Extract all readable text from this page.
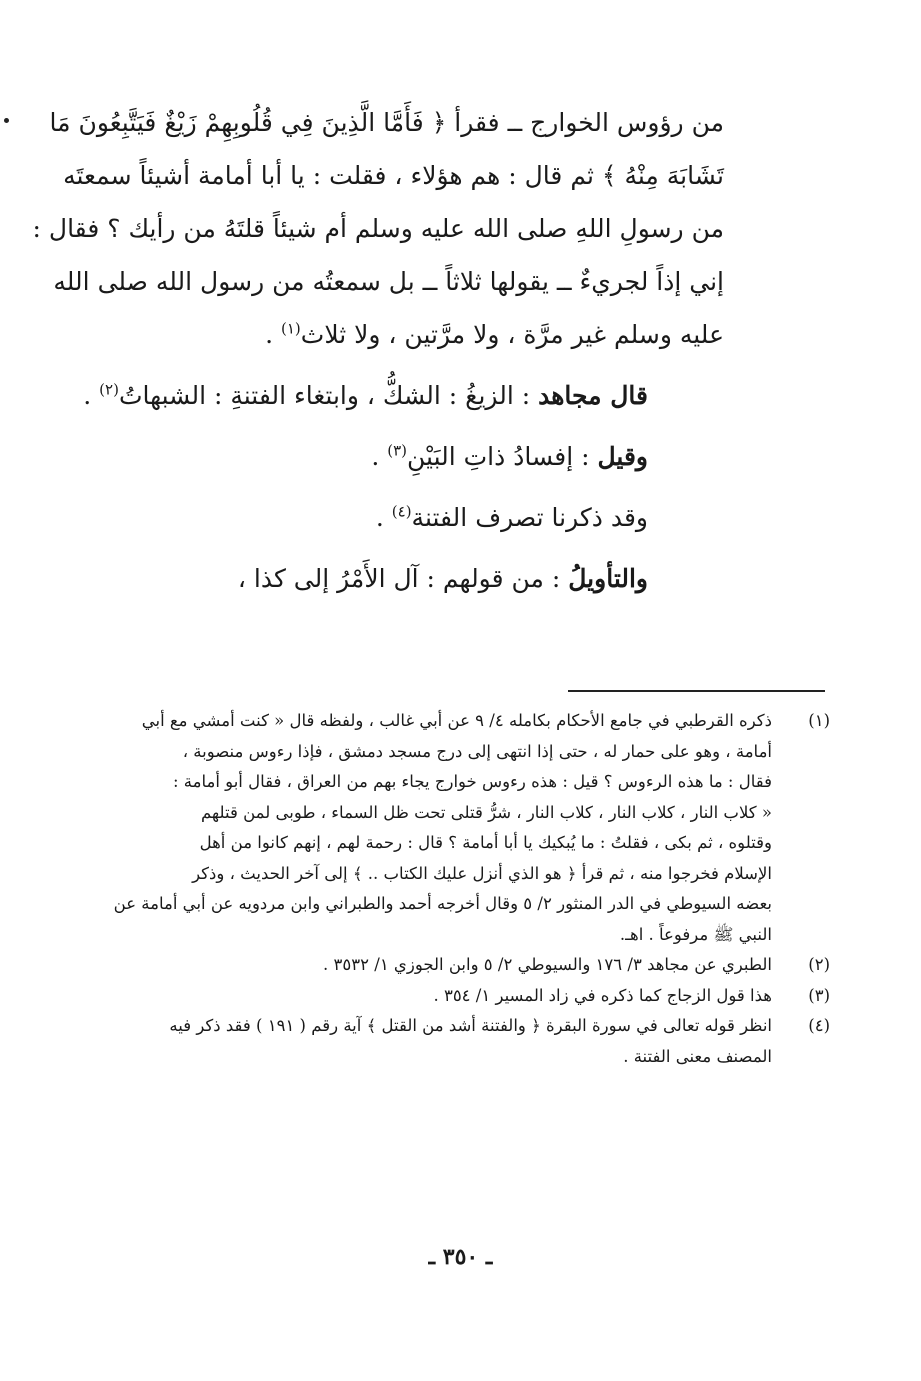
من رؤوس الخوارج ــ فقرأ ﴿ فَأَمَّا الَّذِينَ فِي قُلُوبِهِمْ زَيْغٌ فَيَتَّبِعُونَ مَا
تَشَابَهَ مِنْهُ ﴾ ثم قال : هم هؤلاء ، فقلت : يا أبا أمامة أشيئاً سمعتَه
من رسولِ اللهِ صلى الله عليه وسلم أم شيئاً قلتَهُ من رأيك ؟ فقال :
إني إذاً لجريءٌ ــ يقولها ثلاثاً ــ بل سمعتُه من رسول الله صلى الله
عليه وسلم غير مرَّة ، ولا مرَّتين ، ولا ثلاث$^{(١)}$ .
قال مجاهد : الزيغُ : الشكُّ ، وابتغاء الفتنةِ : الشبهاتُ$^{(٢)}$ .
وقيل : إفسادُ ذاتِ البَيْنِ$^{(٣)}$ .
وقد ذكرنا تصرف الفتنة$^{(٤)}$ .
والتأويلُ : من قولهم : آل الأَمْرُ إلى كذا ،
(١)
ذكره القرطبي في جامع الأحكام بكامله ٤/ ٩ عن أبي غالب ، ولفظه قال « كنت أمشي مع أبي
أمامة ، وهو على حمار له ، حتى إذا انتهى إلى درج مسجد دمشق ، فإذا رءوس منصوبة ،
فقال : ما هذه الرءوس ؟ قيل : هذه رءوس خوارج يجاء بهم من العراق ، فقال أبو أمامة :
« كلاب النار ، كلاب النار ، كلاب النار ، شرُّ قتلى تحت ظل السماء ، طوبى لمن قتلهم
وقتلوه ، ثم بكى ، فقلتُ : ما يُبكيك يا أبا أمامة ؟ قال : رحمة لهم ، إنهم كانوا من أهل
الإسلام فخرجوا منه ، ثم قرأ ﴿ هو الذي أنزل عليك الكتاب .. ﴾ إلى آخر الحديث ، وذكر
بعضه السيوطي في الدر المنثور ٢/ ٥ وقال أخرجه أحمد والطبراني وابن مردويه عن أبي أمامة عن
النبي ﷺ مرفوعاً . اهـ.
(٢)
الطبري عن مجاهد ٣/ ١٧٦ والسيوطي ٢/ ٥ وابن الجوزي ١/ ٣٥٣٢ .
(٣)
هذا قول الزجاج كما ذكره في زاد المسير ١/ ٣٥٤ .
(٤)
انظر قوله تعالى في سورة البقرة ﴿ والفتنة أشد من القتل ﴾ آية رقم ( ١٩١ ) فقد ذكر فيه
المصنف معنى الفتنة .
ـ ٣٥٠ ـ
